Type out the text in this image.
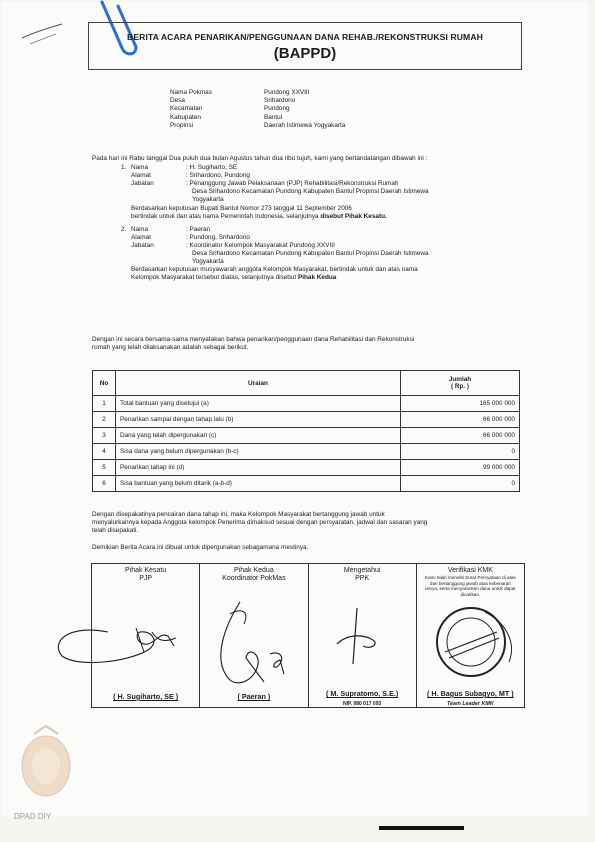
BERITA ACARA PENARIKAN/PENGGUNAAN DANA REHAB./REKONSTRUKSI RUMAH
(BAPPD)
Nama Pokmas	Pundong XXVIII
Desa	Srihardono
Kecamatan	Pundong
Kabupaten	Bantul
Propinsi	Daerah Istimewa Yogyakarta
Pada hari ini Rabu tanggal Dua puluh dua bulan Agustus tahun dua ribu tujuh, kami yang bertandatangan dibawah ini :
1. Nama	: H. Sugiharto, SE
Alamat	: Srihardono, Pundong
Jabatan	: Penanggung Jawab Pelaksanaan (PJP) Rehabilitasi/Rekonstruksi Rumah
Desa Srihardono Kecamatan Pundong Kabupaten Bantul Propinsi Daerah Istimewa
Yogyakarta
Berdasarkan keputusan Bupati Bantul Nomor 273 tanggal 11 September 2006
bertindak untuk dan atas nama Pemerintah Indonesia, selanjutnya disebut Pihak Kesatu.
2. Nama	: Paeran
Alamat	: Pundong, Srihardono
Jabatan	: Koordinator Kelompok Masyarakat Pundong XXVIII
Desa Srihardono Kecamatan Pundong Kabupaten Bantul Propinsi Daerah Istimewa
Yogyakarta
Berdasarkan keputusan musyawarah anggota Kelompok Masyarakat, bertindak untuk dan atas nama
Kelompok Masyarakat tersebut diatas, selanjutnya disebut Pihak Kedua
Dengan ini secara bersama-sama menyatakan bahwa penarikan/penggunaan dana Rehabilitasi dan Rekonstruksi
rumah yang telah dilaksanakan adalah sebagai berikut.
No	Uraian	Jumlah
( Rp. )

1	Total bantuan yang disetujui (a)	165 000 000
2	Penarikan sampai dengan tahap lalu (b)	66 000 000
3	Dana yang telah dipergunakan (c)	66 000 000
4	Sisa dana yang belum dipergunakan (b-c)	0
5	Penarikan tahap ini (d)	99 000 000
6	Sisa bantuan yang belum ditarik (a-b-d)	0
Dengan disepakatinya pencairan dana tahap ini, maka Kelompok Masyarakat bertanggung jawab untuk
menyalurkannya kepada Anggota kelompok Penerima dimaksud sesuai dengan persyaratan, jadwal dan sasaran yang
telah disepakati.
Demikian Berita Acara ini dibuat untuk dipergunakan sebagamana mestinya.
Pihak Kesatu
PJP
( H. Sugiharto, SE )
Pihak Kedua
Koordinator PokMas
( Paeran )
Mengetahui
PPK
( M. Supratomo, S.E.)
NIP. 080 017 093
Verifikasi KMK
Kami telah meneliti Surat Pernyataan di atas dan bertanggung jawab atas kebenaran isinya, serta menyarankan dana untuk dapat dicairkan.
( H. Bagus Subagyo, MT )
Team Leader KMK
DPAD DIY
